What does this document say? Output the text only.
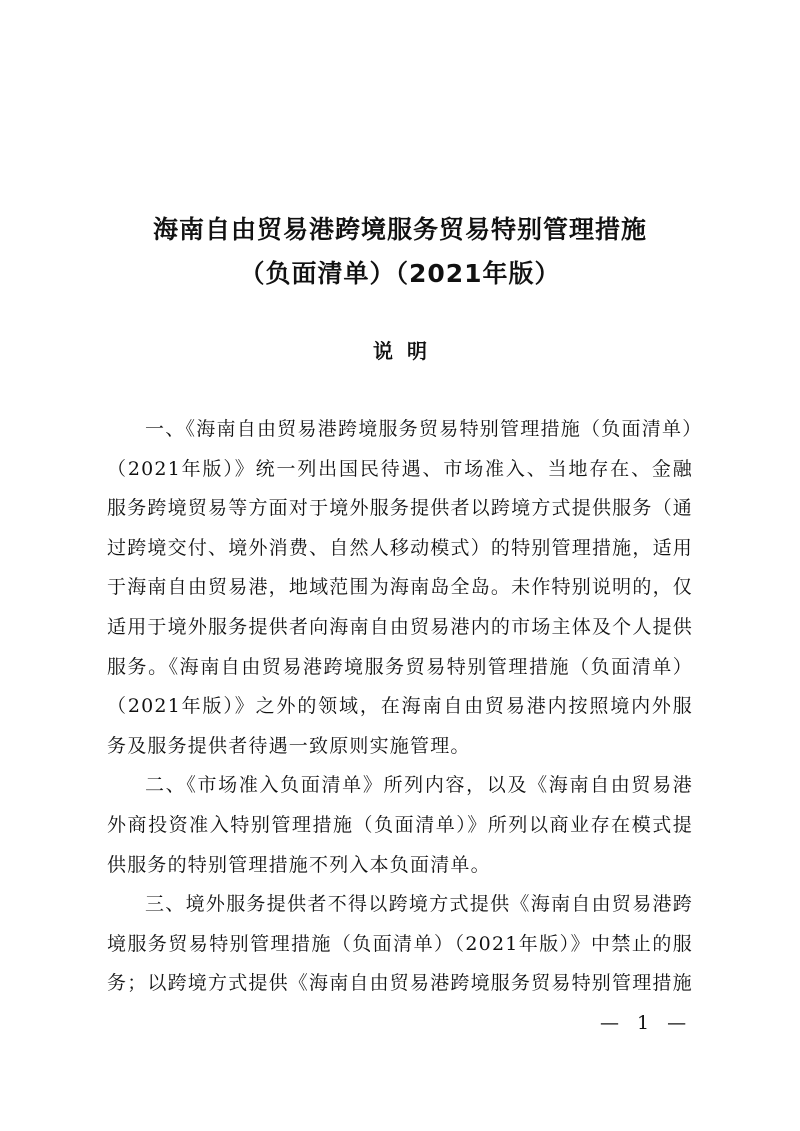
海南自由贸易港跨境服务贸易特别管理措施
（负面清单）（2021年版）
说明

一、《海南自由贸易港跨境服务贸易特别管理措施（负面清单）（2021年版）》统一列出国民待遇、市场准入、当地存在、金融服务跨境贸易等方面对于境外服务提供者以跨境方式提供服务（通过跨境交付、境外消费、自然人移动模式）的特别管理措施，适用于海南自由贸易港，地域范围为海南岛全岛。未作特别说明的，仅适用于境外服务提供者向海南自由贸易港内的市场主体及个人提供服务。《海南自由贸易港跨境服务贸易特别管理措施（负面清单）（2021年版）》之外的领域，在海南自由贸易港内按照境内外服务及服务提供者待遇一致原则实施管理。

二、《市场准入负面清单》所列内容，以及《海南自由贸易港外商投资准入特别管理措施（负面清单）》所列以商业存在模式提供服务的特别管理措施不列入本负面清单。

三、境外服务提供者不得以跨境方式提供《海南自由贸易港跨境服务贸易特别管理措施（负面清单）（2021年版）》中禁止的服务；以跨境方式提供《海南自由贸易港跨境服务贸易特别管理措施

— 1 —
